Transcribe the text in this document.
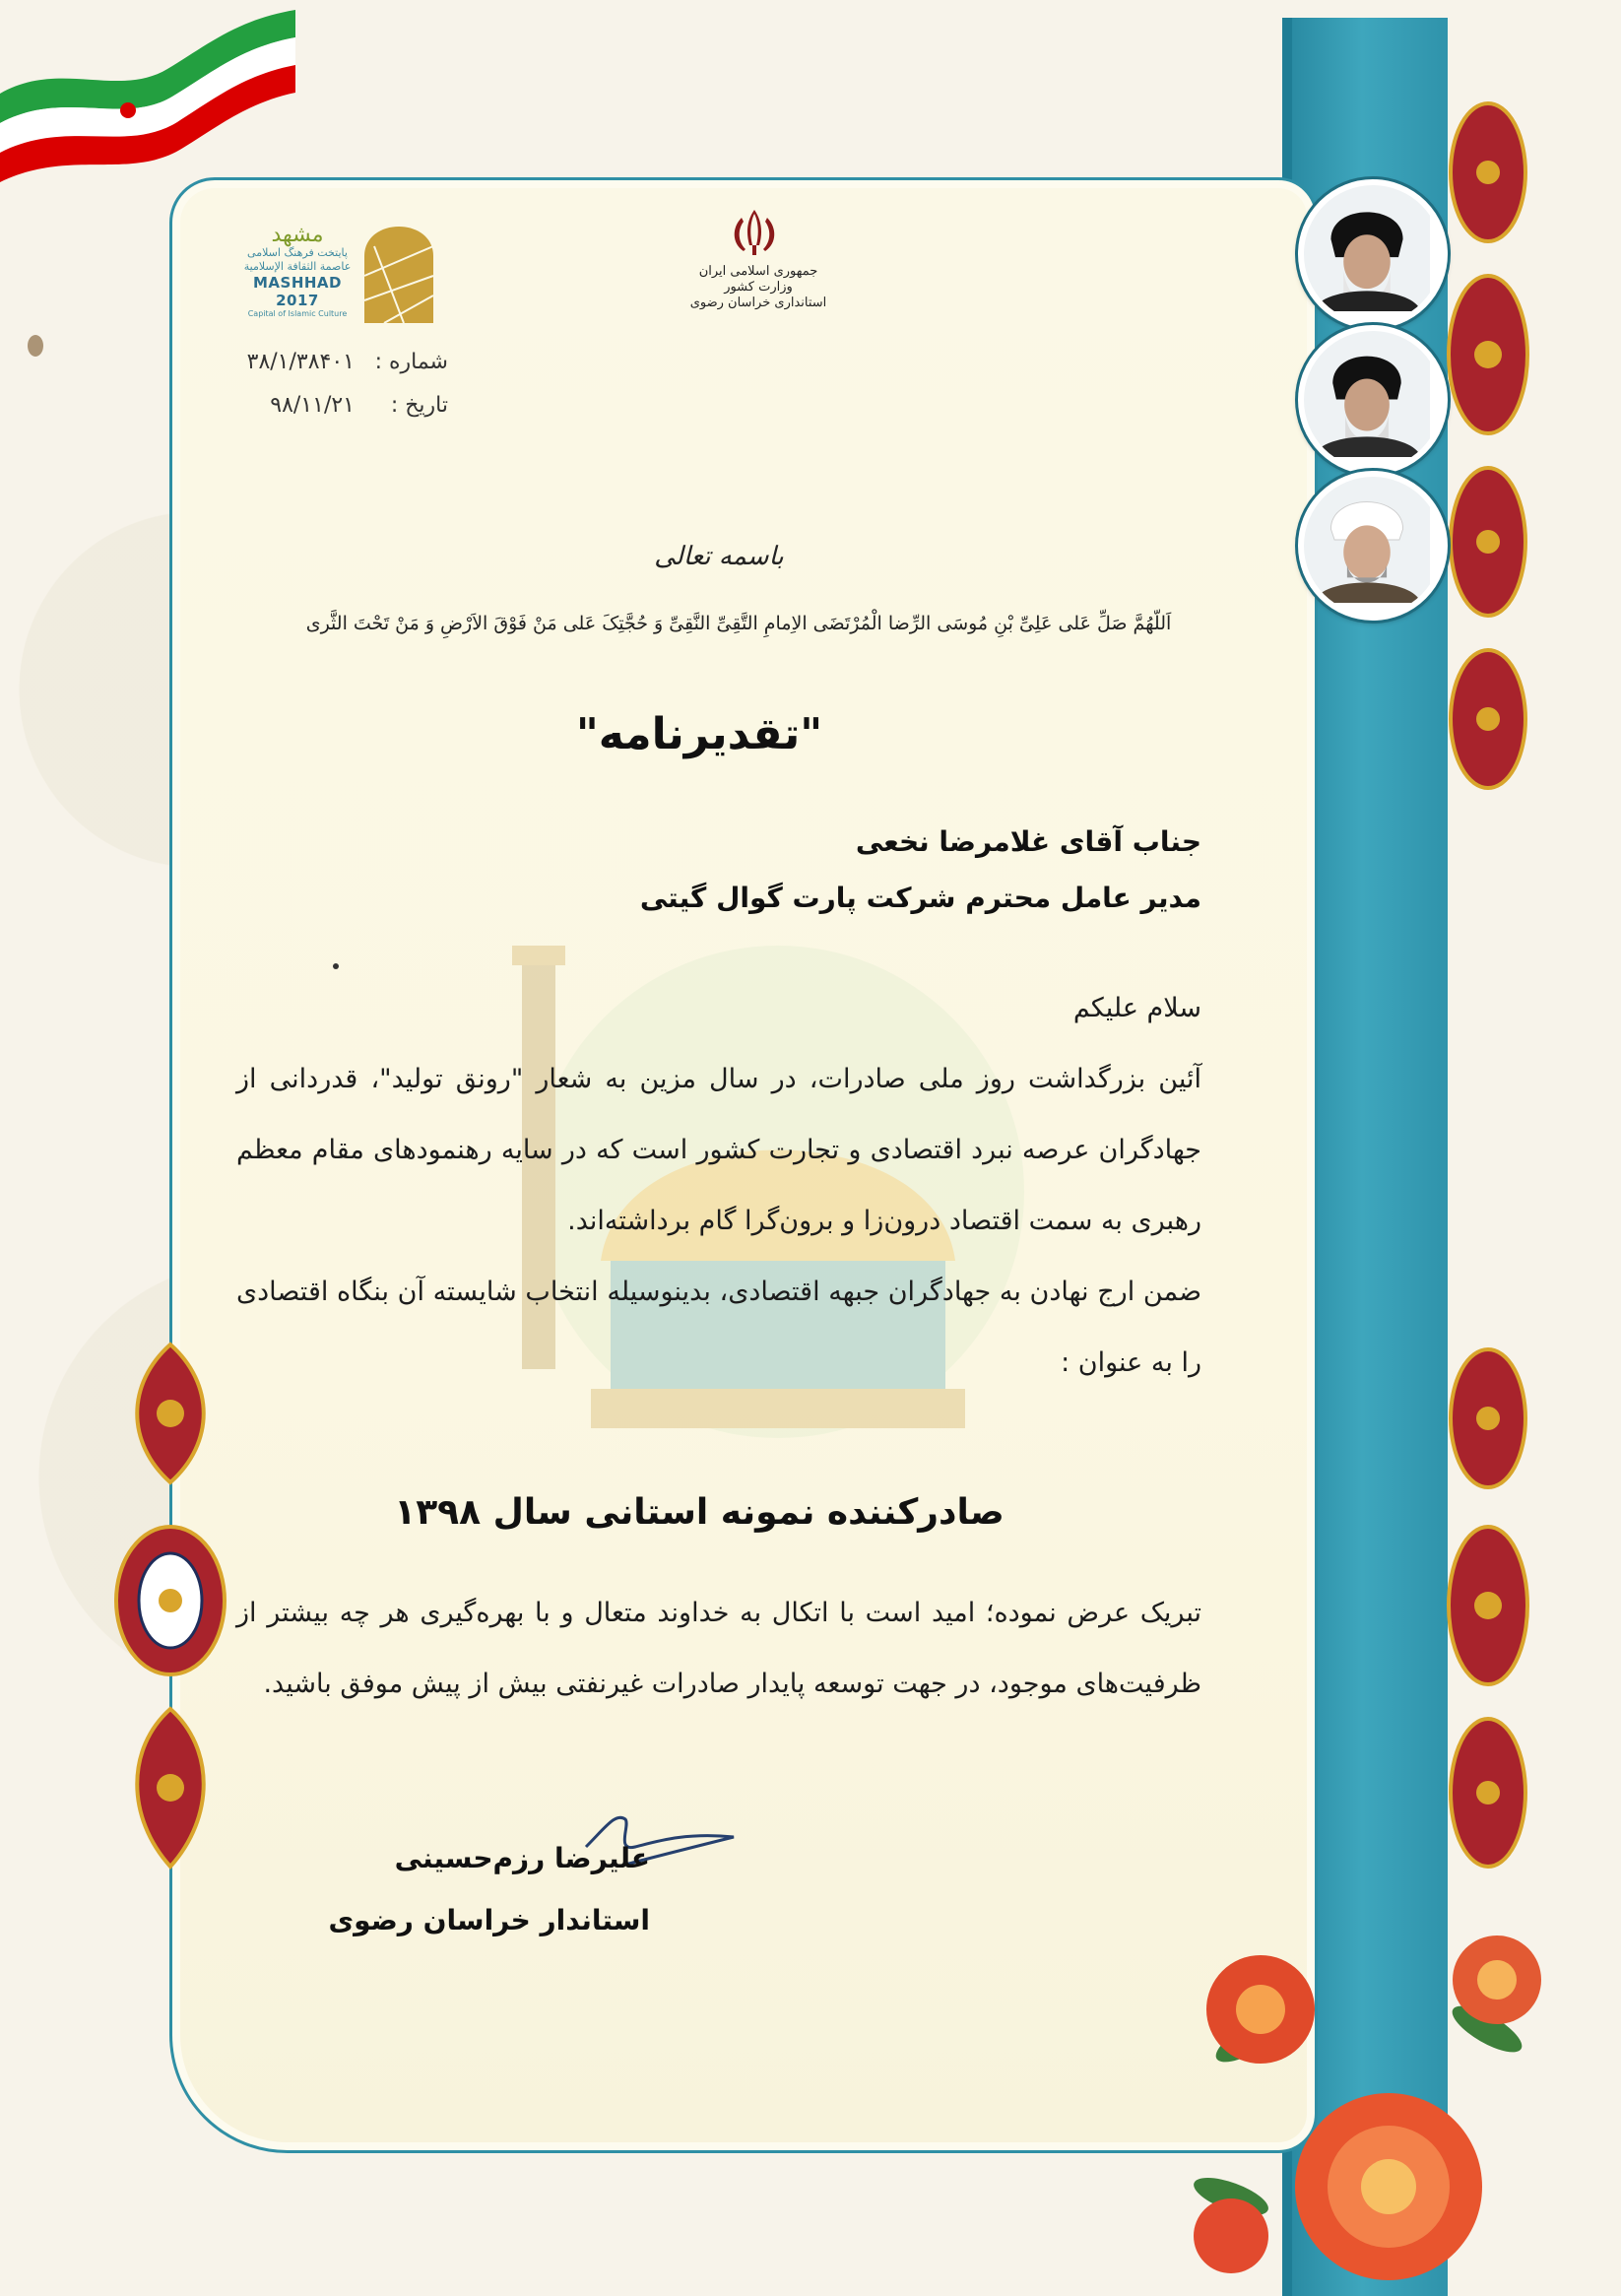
مشهد
پایتخت فرهنگ اسلامی
عاصمة الثقافة الإسلامية
MASHHAD 2017
Capital of Islamic Culture
جمهوری اسلامی ایران
وزارت کشور
استانداری خراسان رضوی
شماره : ۳۸/۱/۳۸۴۰۱
تاریخ : ۹۸/۱۱/۲۱
باسمه تعالی
اَللّهُمَّ صَلِّ عَلی عَلِیِّ بْنِ مُوسَی الرِّضا الْمُرْتَضَی الاِمامِ التَّقِیِّ النَّقِیِّ وَ حُجَّتِکَ عَلی مَنْ فَوْقَ الاَرْضِ وَ مَنْ تَحْتَ الثَّری
"تقدیرنامه"
جناب آقای غلامرضا نخعی
مدیر عامل محترم شرکت پارت گوال گیتی

سلام علیکم

آئین بزرگداشت روز ملی صادرات، در سال مزین به شعار "رونق تولید"، قدردانی از جهادگران عرصه نبرد اقتصادی و تجارت کشور است که در سایه رهنمودهای مقام معظم رهبری به سمت اقتصاد درون‌زا و برون‌گرا گام برداشته‌اند.

ضمن ارج نهادن به جهادگران جبهه اقتصادی، بدینوسیله انتخاب شایسته آن بنگاه اقتصادی را به عنوان :

صادرکننده نمونه استانی سال ۱۳۹۸

تبریک عرض نموده؛ امید است با اتکال به خداوند متعال و با بهره‌گیری هر چه بیشتر از ظرفیت‌های موجود، در جهت توسعه پایدار صادرات غیرنفتی بیش از پیش موفق باشید.

علیرضا رزم‌حسینی
استاندار خراسان رضوی
